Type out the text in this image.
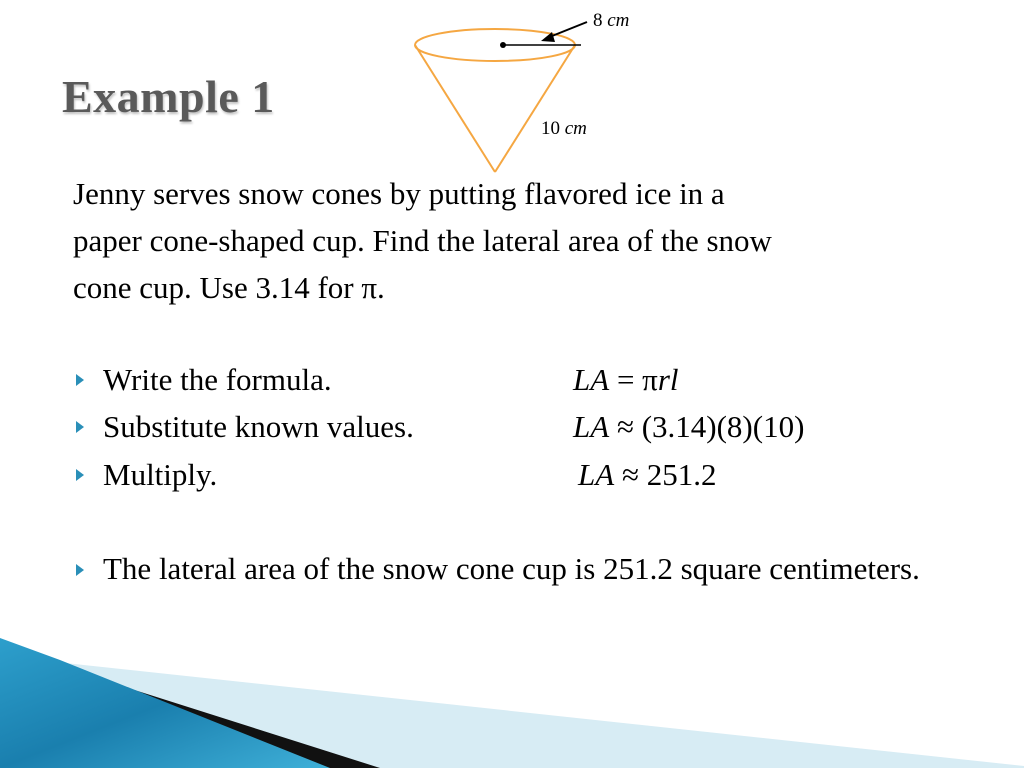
Example 1
8 cm
10 cm

Jenny serves snow cones by putting flavored ice in a
paper cone-shaped cup. Find the lateral area of the snow
cone cup. Use 3.14 for π.

Write the formula.	LA = πrl
Substitute known values.	LA ≈ (3.14)(8)(10)
Multiply.	LA ≈ 251.2
The lateral area of the snow cone cup is 251.2 square centimeters.
